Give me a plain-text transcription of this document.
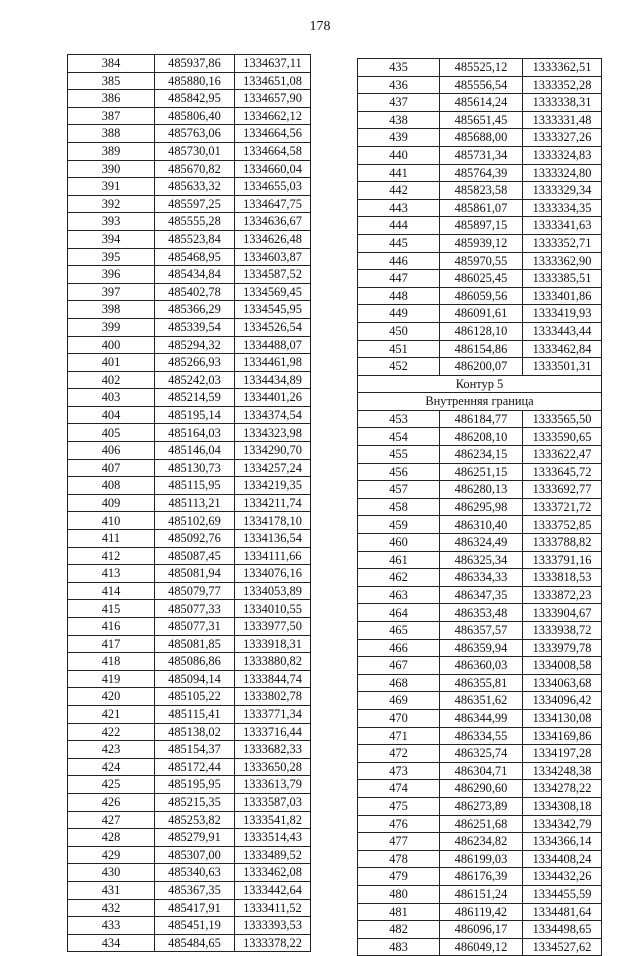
178
384	485937,86	1334637,11
385	485880,16	1334651,08
386	485842,95	1334657,90
387	485806,40	1334662,12
388	485763,06	1334664,56
389	485730,01	1334664,58
390	485670,82	1334660,04
391	485633,32	1334655,03
392	485597,25	1334647,75
393	485555,28	1334636,67
394	485523,84	1334626,48
395	485468,95	1334603,87
396	485434,84	1334587,52
397	485402,78	1334569,45
398	485366,29	1334545,95
399	485339,54	1334526,54
400	485294,32	1334488,07
401	485266,93	1334461,98
402	485242,03	1334434,89
403	485214,59	1334401,26
404	485195,14	1334374,54
405	485164,03	1334323,98
406	485146,04	1334290,70
407	485130,73	1334257,24
408	485115,95	1334219,35
409	485113,21	1334211,74
410	485102,69	1334178,10
411	485092,76	1334136,54
412	485087,45	1334111,66
413	485081,94	1334076,16
414	485079,77	1334053,89
415	485077,33	1334010,55
416	485077,31	1333977,50
417	485081,85	1333918,31
418	485086,86	1333880,82
419	485094,14	1333844,74
420	485105,22	1333802,78
421	485115,41	1333771,34
422	485138,02	1333716,44
423	485154,37	1333682,33
424	485172,44	1333650,28
425	485195,95	1333613,79
426	485215,35	1333587,03
427	485253,82	1333541,82
428	485279,91	1333514,43
429	485307,00	1333489,52
430	485340,63	1333462,08
431	485367,35	1333442,64
432	485417,91	1333411,52
433	485451,19	1333393,53
434	485484,65	1333378,22
435	485525,12	1333362,51
436	485556,54	1333352,28
437	485614,24	1333338,31
438	485651,45	1333331,48
439	485688,00	1333327,26
440	485731,34	1333324,83
441	485764,39	1333324,80
442	485823,58	1333329,34
443	485861,07	1333334,35
444	485897,15	1333341,63
445	485939,12	1333352,71
446	485970,55	1333362,90
447	486025,45	1333385,51
448	486059,56	1333401,86
449	486091,61	1333419,93
450	486128,10	1333443,44
451	486154,86	1333462,84
452	486200,07	1333501,31
Контур 5		
Внутренняя граница		
453	486184,77	1333565,50
454	486208,10	1333590,65
455	486234,15	1333622,47
456	486251,15	1333645,72
457	486280,13	1333692,77
458	486295,98	1333721,72
459	486310,40	1333752,85
460	486324,49	1333788,82
461	486325,34	1333791,16
462	486334,33	1333818,53
463	486347,35	1333872,23
464	486353,48	1333904,67
465	486357,57	1333938,72
466	486359,94	1333979,78
467	486360,03	1334008,58
468	486355,81	1334063,68
469	486351,62	1334096,42
470	486344,99	1334130,08
471	486334,55	1334169,86
472	486325,74	1334197,28
473	486304,71	1334248,38
474	486290,60	1334278,22
475	486273,89	1334308,18
476	486251,68	1334342,79
477	486234,82	1334366,14
478	486199,03	1334408,24
479	486176,39	1334432,26
480	486151,24	1334455,59
481	486119,42	1334481,64
482	486096,17	1334498,65
483	486049,12	1334527,62
